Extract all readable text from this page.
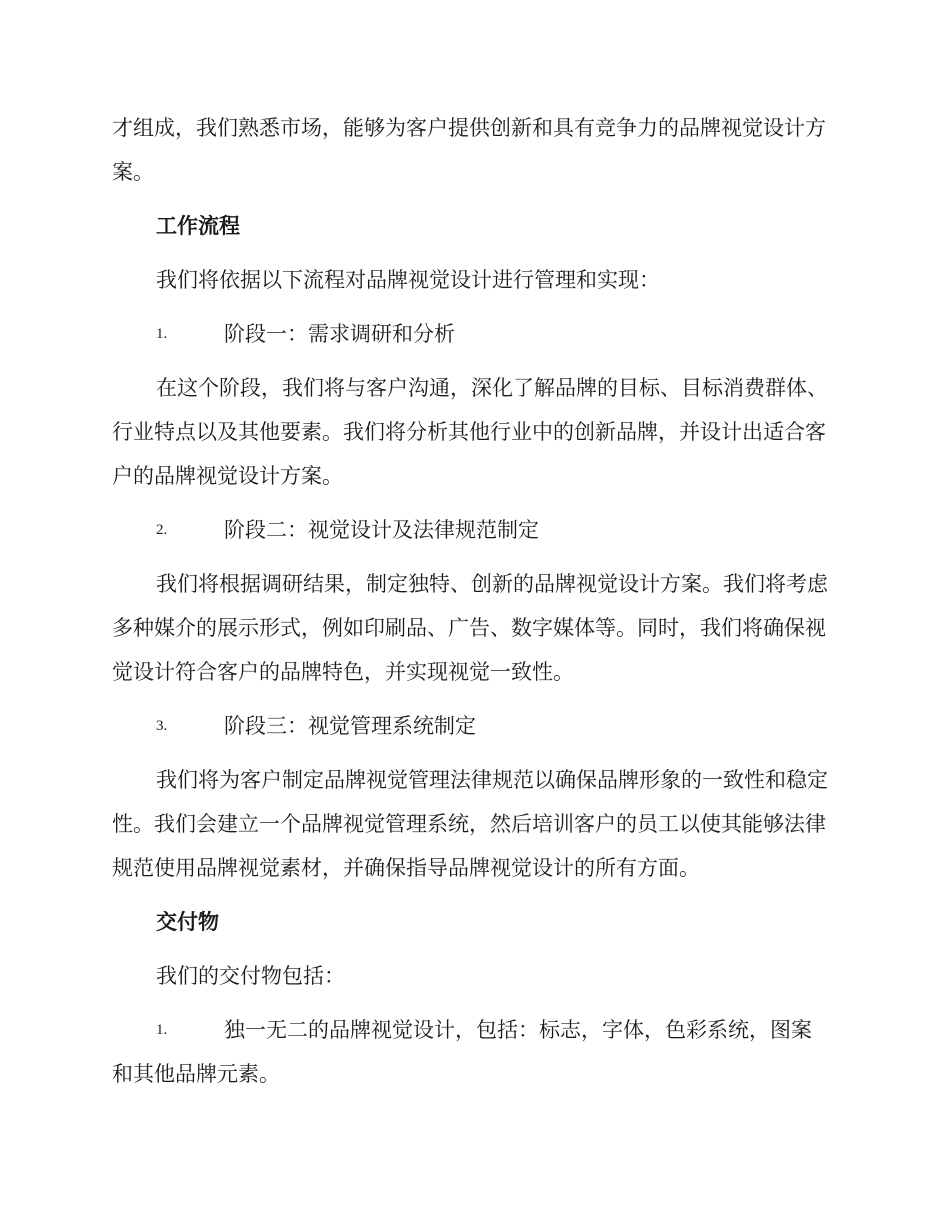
才组成，我们熟悉市场，能够为客户提供创新和具有竞争力的品牌视觉设计方案。

工作流程

我们将依据以下流程对品牌视觉设计进行管理和实现：

1.	阶段一：需求调研和分析

在这个阶段，我们将与客户沟通，深化了解品牌的目标、目标消费群体、行业特点以及其他要素。我们将分析其他行业中的创新品牌，并设计出适合客户的品牌视觉设计方案。

2.	阶段二：视觉设计及法律规范制定

我们将根据调研结果，制定独特、创新的品牌视觉设计方案。我们将考虑多种媒介的展示形式，例如印刷品、广告、数字媒体等。同时，我们将确保视觉设计符合客户的品牌特色，并实现视觉一致性。

3.	阶段三：视觉管理系统制定

我们将为客户制定品牌视觉管理法律规范以确保品牌形象的一致性和稳定性。我们会建立一个品牌视觉管理系统，然后培训客户的员工以使其能够法律规范使用品牌视觉素材，并确保指导品牌视觉设计的所有方面。

交付物

我们的交付物包括：

1.	独一无二的品牌视觉设计，包括：标志，字体，色彩系统，图案和其他品牌元素。
